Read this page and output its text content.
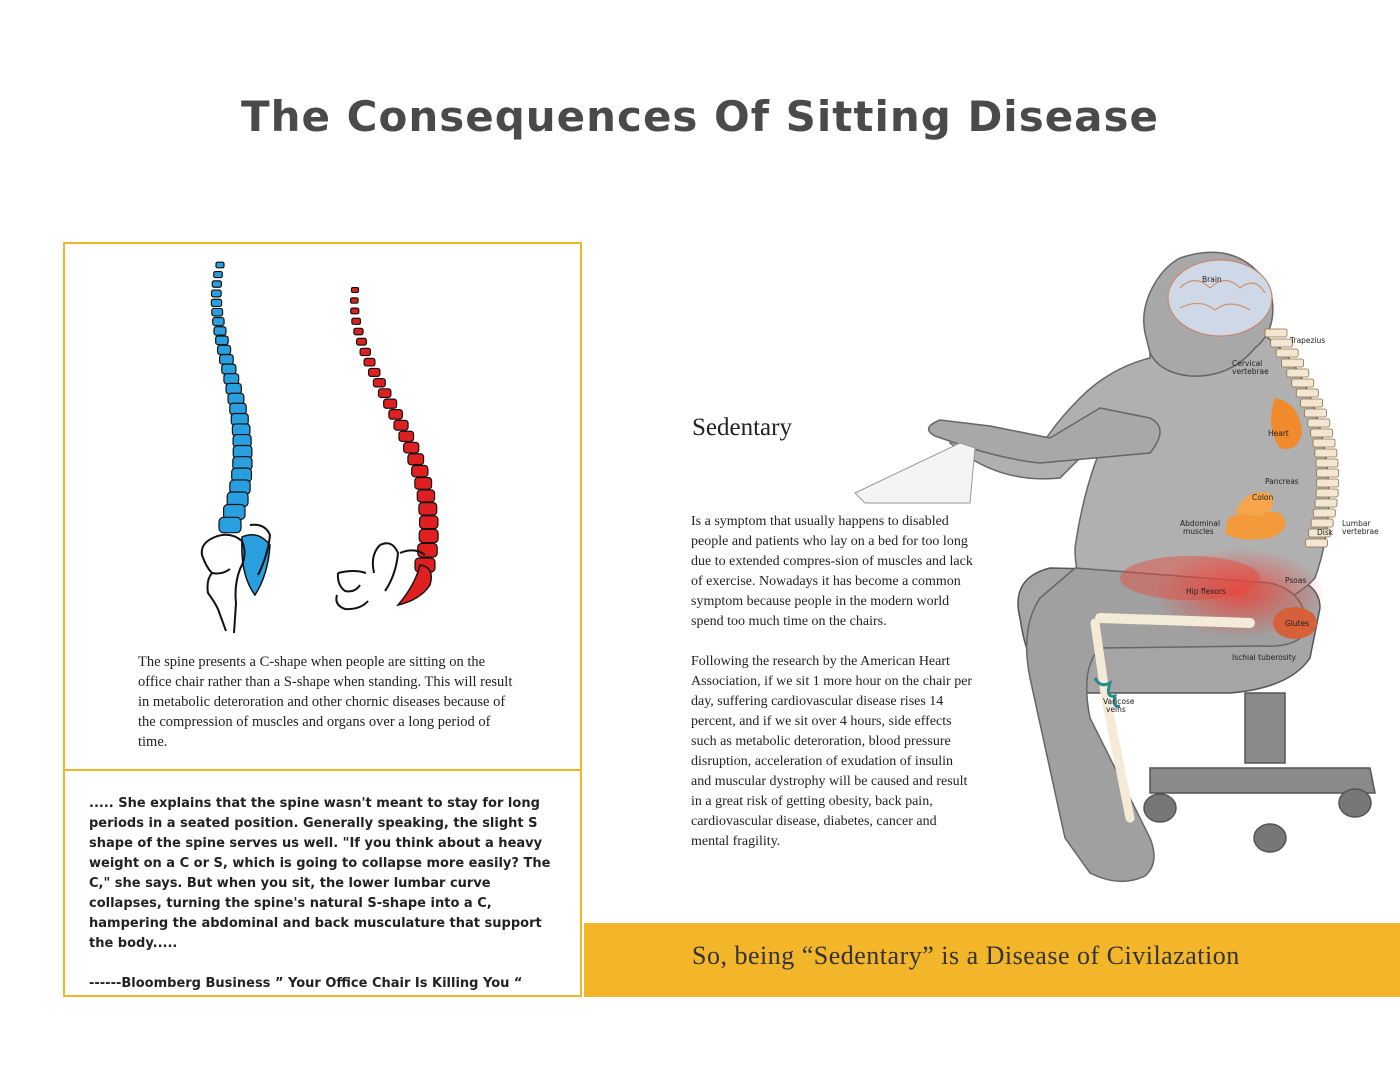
The Consequences Of Sitting Disease

The spine presents a C-shape when people are sitting on the office chair rather than a S-shape when standing. This will result in metabolic deteroration and other chornic diseases because of the compression of muscles and organs over a long period of time.

..... She explains that the spine wasn't meant to stay for long periods in a seated position. Generally speaking, the slight S shape of the spine serves us well. "If you think about a heavy weight on a C or S, which is going to collapse more easily? The C," she says. But when you sit, the lower lumbar curve collapses, turning the spine's natural S-shape into a C, hampering the abdominal and back musculature that support the body.....

------Bloomberg Business ” Your Office Chair Is Killing You “

Sedentary

Is a symptom that usually happens to disabled people and patients who lay on a bed for too long due to extended compres-sion of muscles and lack of exercise. Nowadays it has become a common symptom because people in the modern world spend too much time on the chairs.

Following the research by the American Heart Association, if we sit 1 more hour on the chair per day, suffering cardiovascular disease rises 14 percent, and if we sit over 4 hours, side effects such as metabolic deteroration, blood pressure disruption, acceleration of exudation of insulin and muscular dystrophy will be caused and result in a great risk of getting obesity, back pain, cardiovascular disease, diabetes, cancer and mental fragility.

So, being “Sedentary” is a Disease of Civilazation
Brain
Trapezius
Cervical
vertebrae
Heart
Pancreas
Colon
Abdominal
muscles	Disk
Lumbar
vertebrae
Psoas
Hip flexors
Glutes
Ischial tuberosity
Varicose
veins
